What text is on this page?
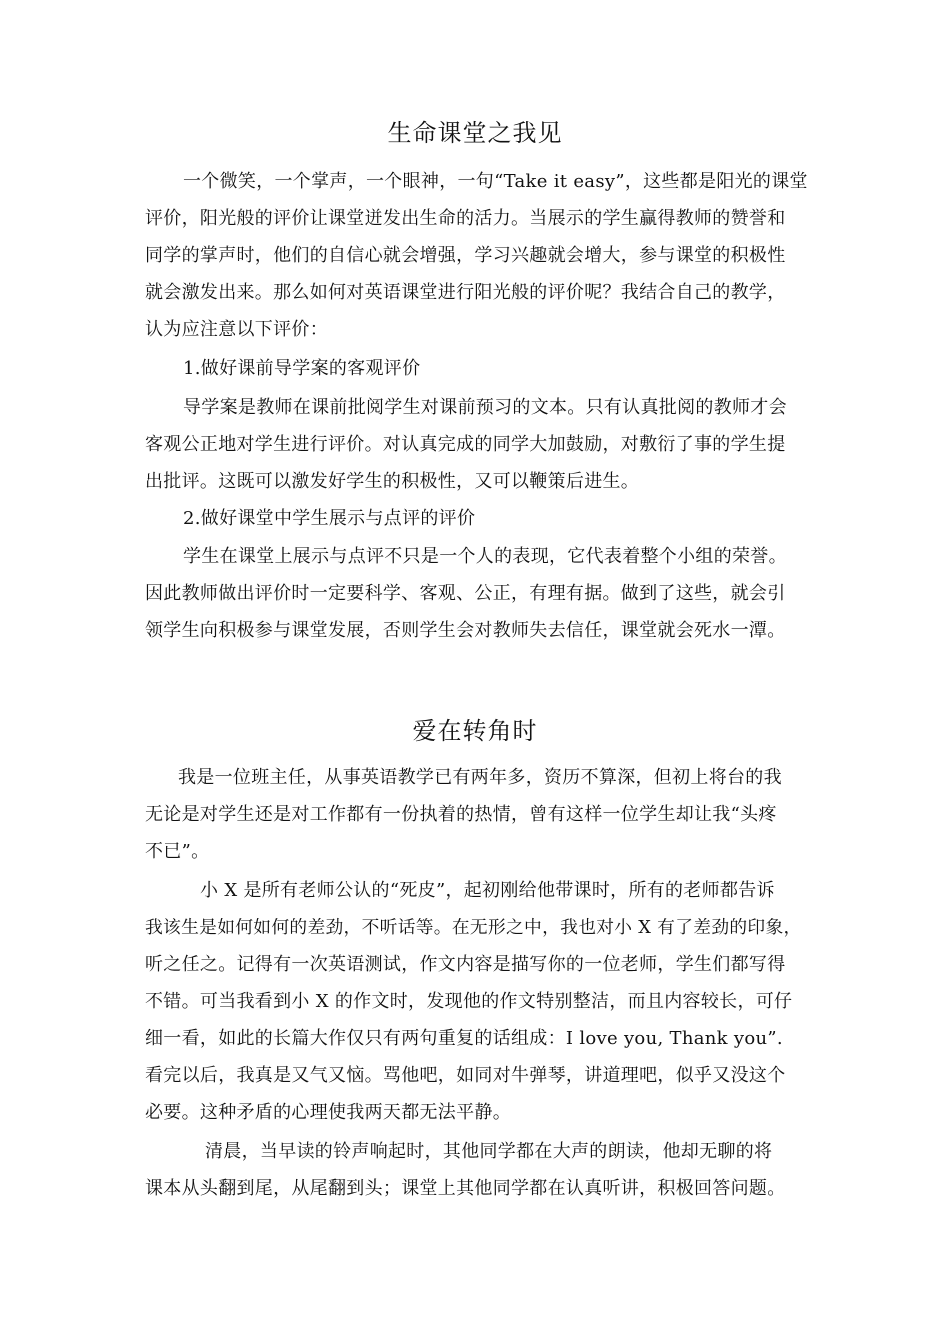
生命课堂之我见
一个微笑，一个掌声，一个眼神，一句“Take it easy”，这些都是阳光的课堂
评价，阳光般的评价让课堂迸发出生命的活力。当展示的学生赢得教师的赞誉和
同学的掌声时，他们的自信心就会增强，学习兴趣就会增大，参与课堂的积极性
就会激发出来。那么如何对英语课堂进行阳光般的评价呢？我结合自己的教学，
认为应注意以下评价：
1.做好课前导学案的客观评价
导学案是教师在课前批阅学生对课前预习的文本。只有认真批阅的教师才会
客观公正地对学生进行评价。对认真完成的同学大加鼓励，对敷衍了事的学生提
出批评。这既可以激发好学生的积极性，又可以鞭策后进生。
2.做好课堂中学生展示与点评的评价
学生在课堂上展示与点评不只是一个人的表现，它代表着整个小组的荣誉。
因此教师做出评价时一定要科学、客观、公正，有理有据。做到了这些，就会引
领学生向积极参与课堂发展，否则学生会对教师失去信任，课堂就会死水一潭。
爱在转角时
我是一位班主任，从事英语教学已有两年多，资历不算深，但初上将台的我
无论是对学生还是对工作都有一份执着的热情，曾有这样一位学生却让我“头疼
不已”。
小 X 是所有老师公认的“死皮”，起初刚给他带课时，所有的老师都告诉
我该生是如何如何的差劲，不听话等。在无形之中，我也对小 X 有了差劲的印象，
听之任之。记得有一次英语测试，作文内容是描写你的一位老师，学生们都写得
不错。可当我看到小 X 的作文时，发现他的作文特别整洁，而且内容较长，可仔
细一看，如此的长篇大作仅只有两句重复的话组成：I love you, Thank you”.
看完以后，我真是又气又恼。骂他吧，如同对牛弹琴，讲道理吧，似乎又没这个
必要。这种矛盾的心理使我两天都无法平静。
清晨，当早读的铃声响起时，其他同学都在大声的朗读，他却无聊的将
课本从头翻到尾，从尾翻到头；课堂上其他同学都在认真听讲，积极回答问题。
